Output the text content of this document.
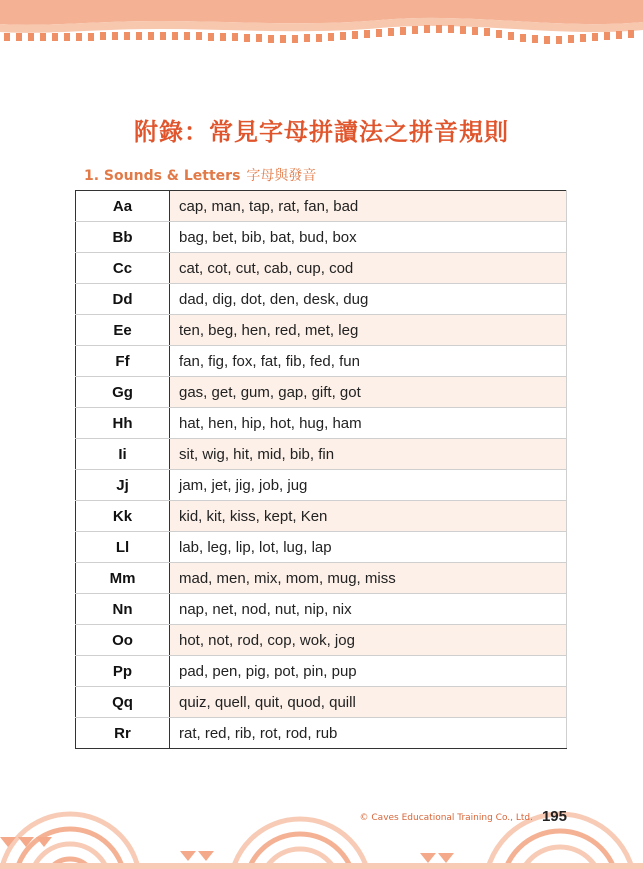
附錄：常見字母拼讀法之拼音規則
1. Sounds & Letters 字母與發音
Aa	cap, man, tap, rat, fan, bad
Bb	bag, bet, bib, bat, bud, box
Cc	cat, cot, cut, cab, cup, cod
Dd	dad, dig, dot, den, desk, dug
Ee	ten, beg, hen, red, met, leg
Ff	fan, fig, fox, fat, fib, fed, fun
Gg	gas, get, gum, gap, gift, got
Hh	hat, hen, hip, hot, hug, ham
Ii	sit, wig, hit, mid, bib, fin
Jj	jam, jet, jig, job, jug
Kk	kid, kit, kiss, kept, Ken
Ll	lab, leg, lip, lot, lug, lap
Mm	mad, men, mix, mom, mug, miss
Nn	nap, net, nod, nut, nip, nix
Oo	hot, not, rod, cop, wok, jog
Pp	pad, pen, pig, pot, pin, pup
Qq	quiz, quell, quit, quod, quill
Rr	rat, red, rib, rot, rod, rub
© Caves Educational Training Co., Ltd. 195
